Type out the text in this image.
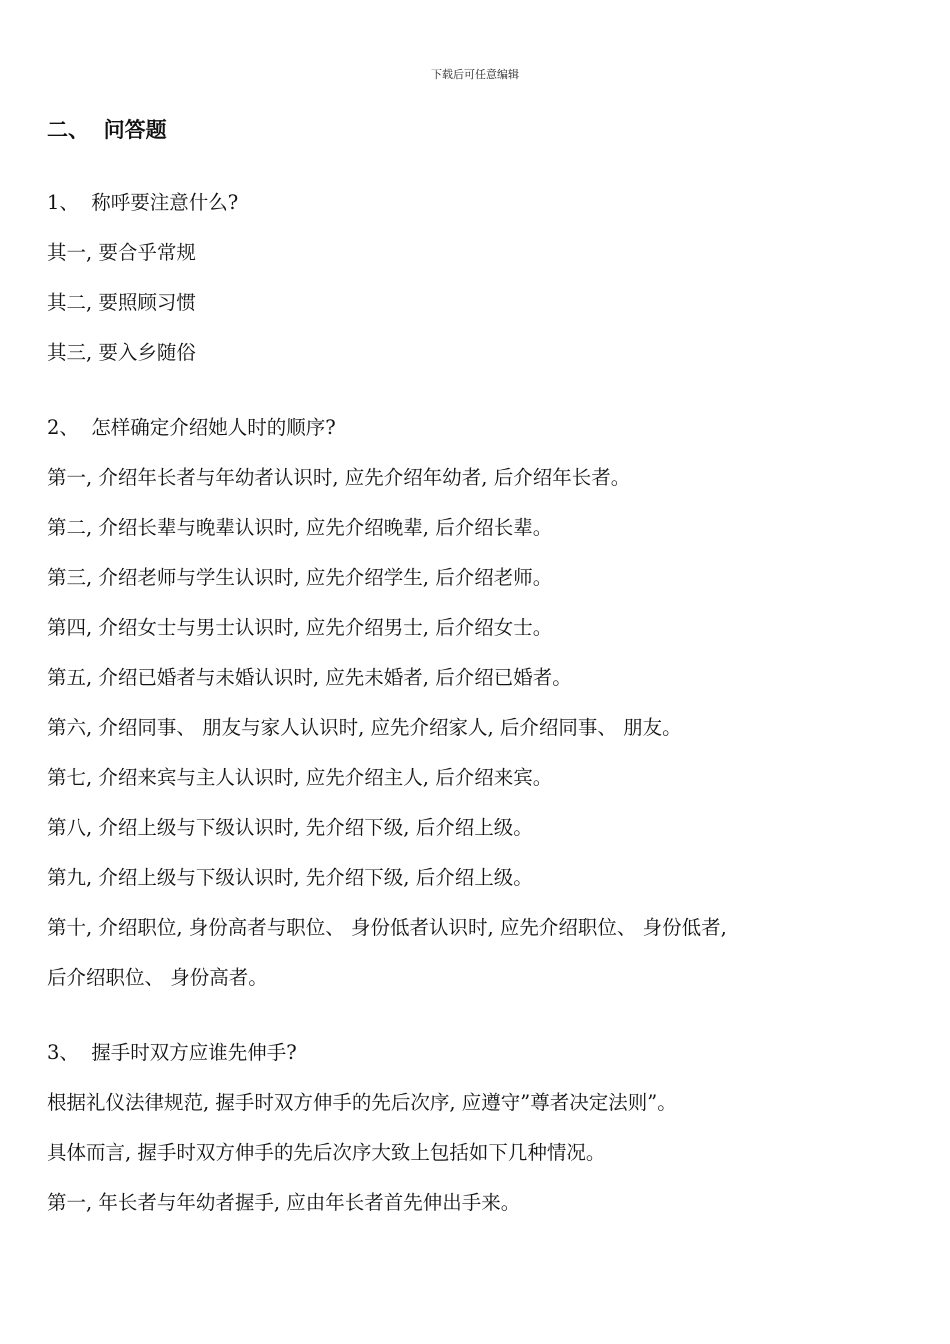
下载后可任意编辑
二、  问答题
1、  称呼要注意什么?
其一, 要合乎常规
其二, 要照顾习惯
其三, 要入乡随俗
2、  怎样确定介绍她人时的顺序?
第一, 介绍年长者与年幼者认识时, 应先介绍年幼者, 后介绍年长者。
第二, 介绍长辈与晚辈认识时, 应先介绍晚辈, 后介绍长辈。
第三, 介绍老师与学生认识时, 应先介绍学生, 后介绍老师。
第四, 介绍女士与男士认识时, 应先介绍男士, 后介绍女士。
第五, 介绍已婚者与未婚认识时, 应先未婚者, 后介绍已婚者。
第六, 介绍同事、 朋友与家人认识时, 应先介绍家人, 后介绍同事、 朋友。
第七, 介绍来宾与主人认识时, 应先介绍主人, 后介绍来宾。
第八, 介绍上级与下级认识时, 先介绍下级, 后介绍上级。
第九, 介绍上级与下级认识时, 先介绍下级, 后介绍上级。
第十, 介绍职位, 身份高者与职位、 身份低者认识时, 应先介绍职位、 身份低者,
后介绍职位、 身份高者。
3、  握手时双方应谁先伸手?
根据礼仪法律规范, 握手时双方伸手的先后次序, 应遵守”尊者决定法则”。
具体而言, 握手时双方伸手的先后次序大致上包括如下几种情况。
第一, 年长者与年幼者握手, 应由年长者首先伸出手来。
